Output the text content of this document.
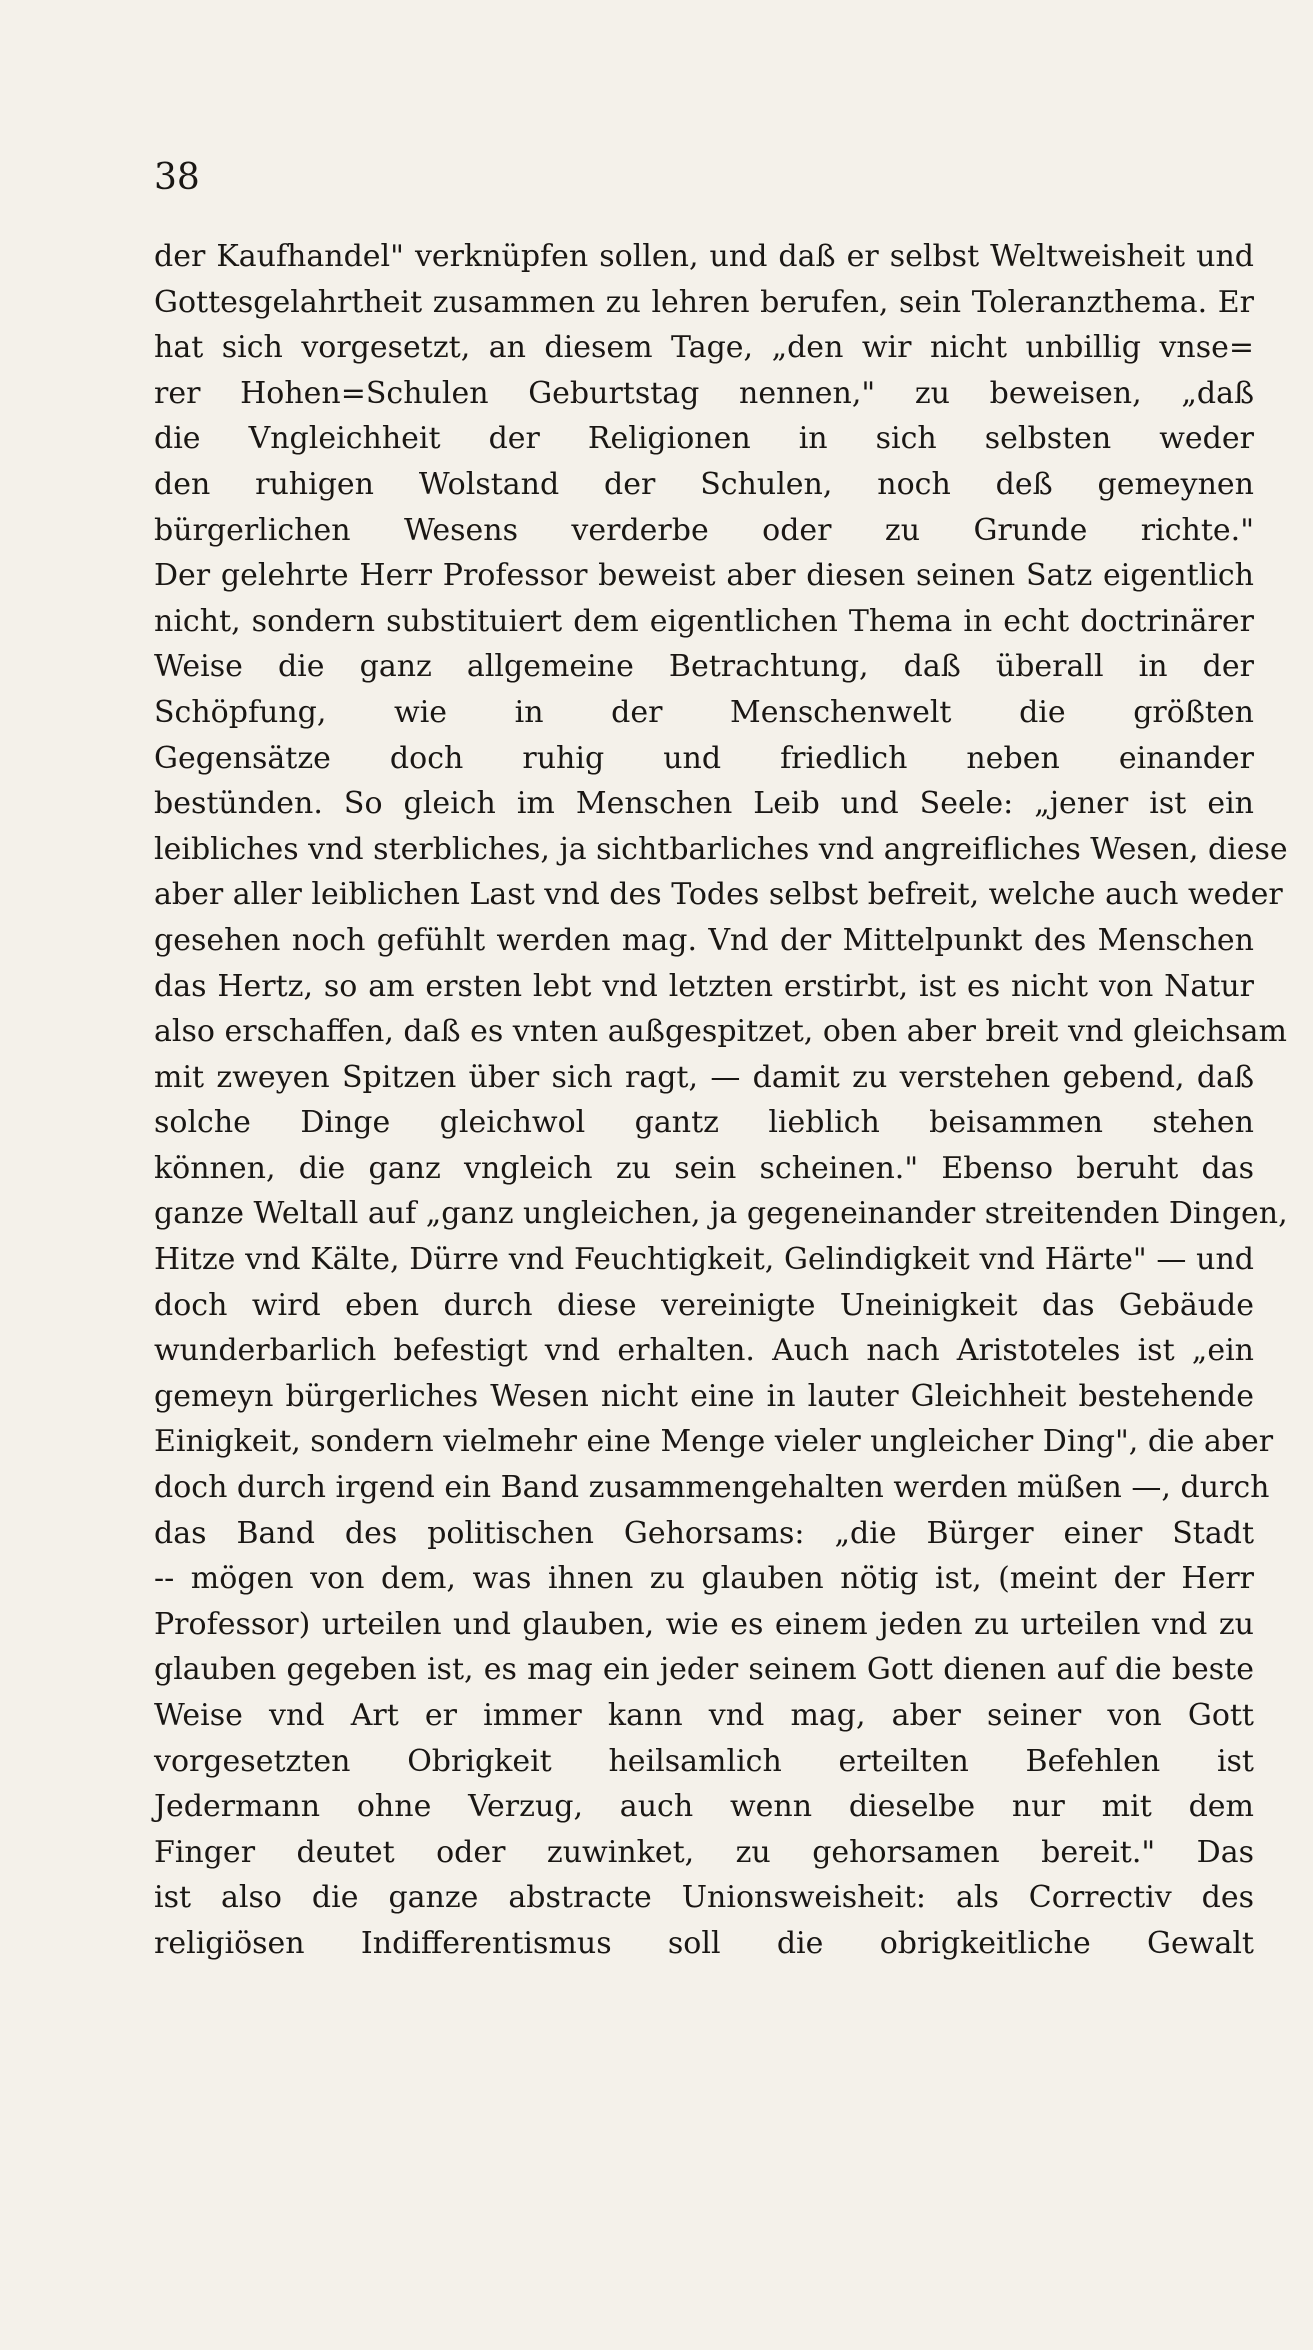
38
der Kaufhandel" verknüpfen sollen, und daß er selbst Weltweisheit und
Gottesgelahrtheit zusammen zu lehren berufen, sein Toleranzthema. Er
hat sich vorgesetzt, an diesem Tage, „den wir nicht unbillig vnse=
rer Hohen=Schulen Geburtstag nennen," zu beweisen, „daß
die Vngleichheit der Religionen in sich selbsten weder
den ruhigen Wolstand der Schulen, noch deß gemeynen
bürgerlichen Wesens verderbe oder zu Grunde richte."
Der gelehrte Herr Professor beweist aber diesen seinen Satz eigentlich
nicht, sondern substituiert dem eigentlichen Thema in echt doctrinärer
Weise die ganz allgemeine Betrachtung, daß überall in der
Schöpfung, wie in der Menschenwelt die größten
Gegensätze doch ruhig und friedlich neben einander
bestünden. So gleich im Menschen Leib und Seele: „jener ist ein
leibliches vnd sterbliches, ja sichtbarliches vnd angreifliches Wesen, diese
aber aller leiblichen Last vnd des Todes selbst befreit, welche auch weder
gesehen noch gefühlt werden mag. Vnd der Mittelpunkt des Menschen
das Hertz, so am ersten lebt vnd letzten erstirbt, ist es nicht von Natur
also erschaffen, daß es vnten außgespitzet, oben aber breit vnd gleichsam
mit zweyen Spitzen über sich ragt, — damit zu verstehen gebend, daß
solche Dinge gleichwol gantz lieblich beisammen stehen
können, die ganz vngleich zu sein scheinen." Ebenso beruht das
ganze Weltall auf „ganz ungleichen, ja gegeneinander streitenden Dingen,
Hitze vnd Kälte, Dürre vnd Feuchtigkeit, Gelindigkeit vnd Härte" — und
doch wird eben durch diese vereinigte Uneinigkeit das Gebäude
wunderbarlich befestigt vnd erhalten. Auch nach Aristoteles ist „ein
gemeyn bürgerliches Wesen nicht eine in lauter Gleichheit bestehende
Einigkeit, sondern vielmehr eine Menge vieler ungleicher Ding", die aber
doch durch irgend ein Band zusammengehalten werden müßen —, durch
das Band des politischen Gehorsams: „die Bürger einer Stadt
-- mögen von dem, was ihnen zu glauben nötig ist, (meint der Herr
Professor) urteilen und glauben, wie es einem jeden zu urteilen vnd zu
glauben gegeben ist, es mag ein jeder seinem Gott dienen auf die beste
Weise vnd Art er immer kann vnd mag, aber seiner von Gott
vorgesetzten Obrigkeit heilsamlich erteilten Befehlen ist
Jedermann ohne Verzug, auch wenn dieselbe nur mit dem
Finger deutet oder zuwinket, zu gehorsamen bereit." Das
ist also die ganze abstracte Unionsweisheit: als Correctiv des
religiösen Indifferentismus soll die obrigkeitliche Gewalt
